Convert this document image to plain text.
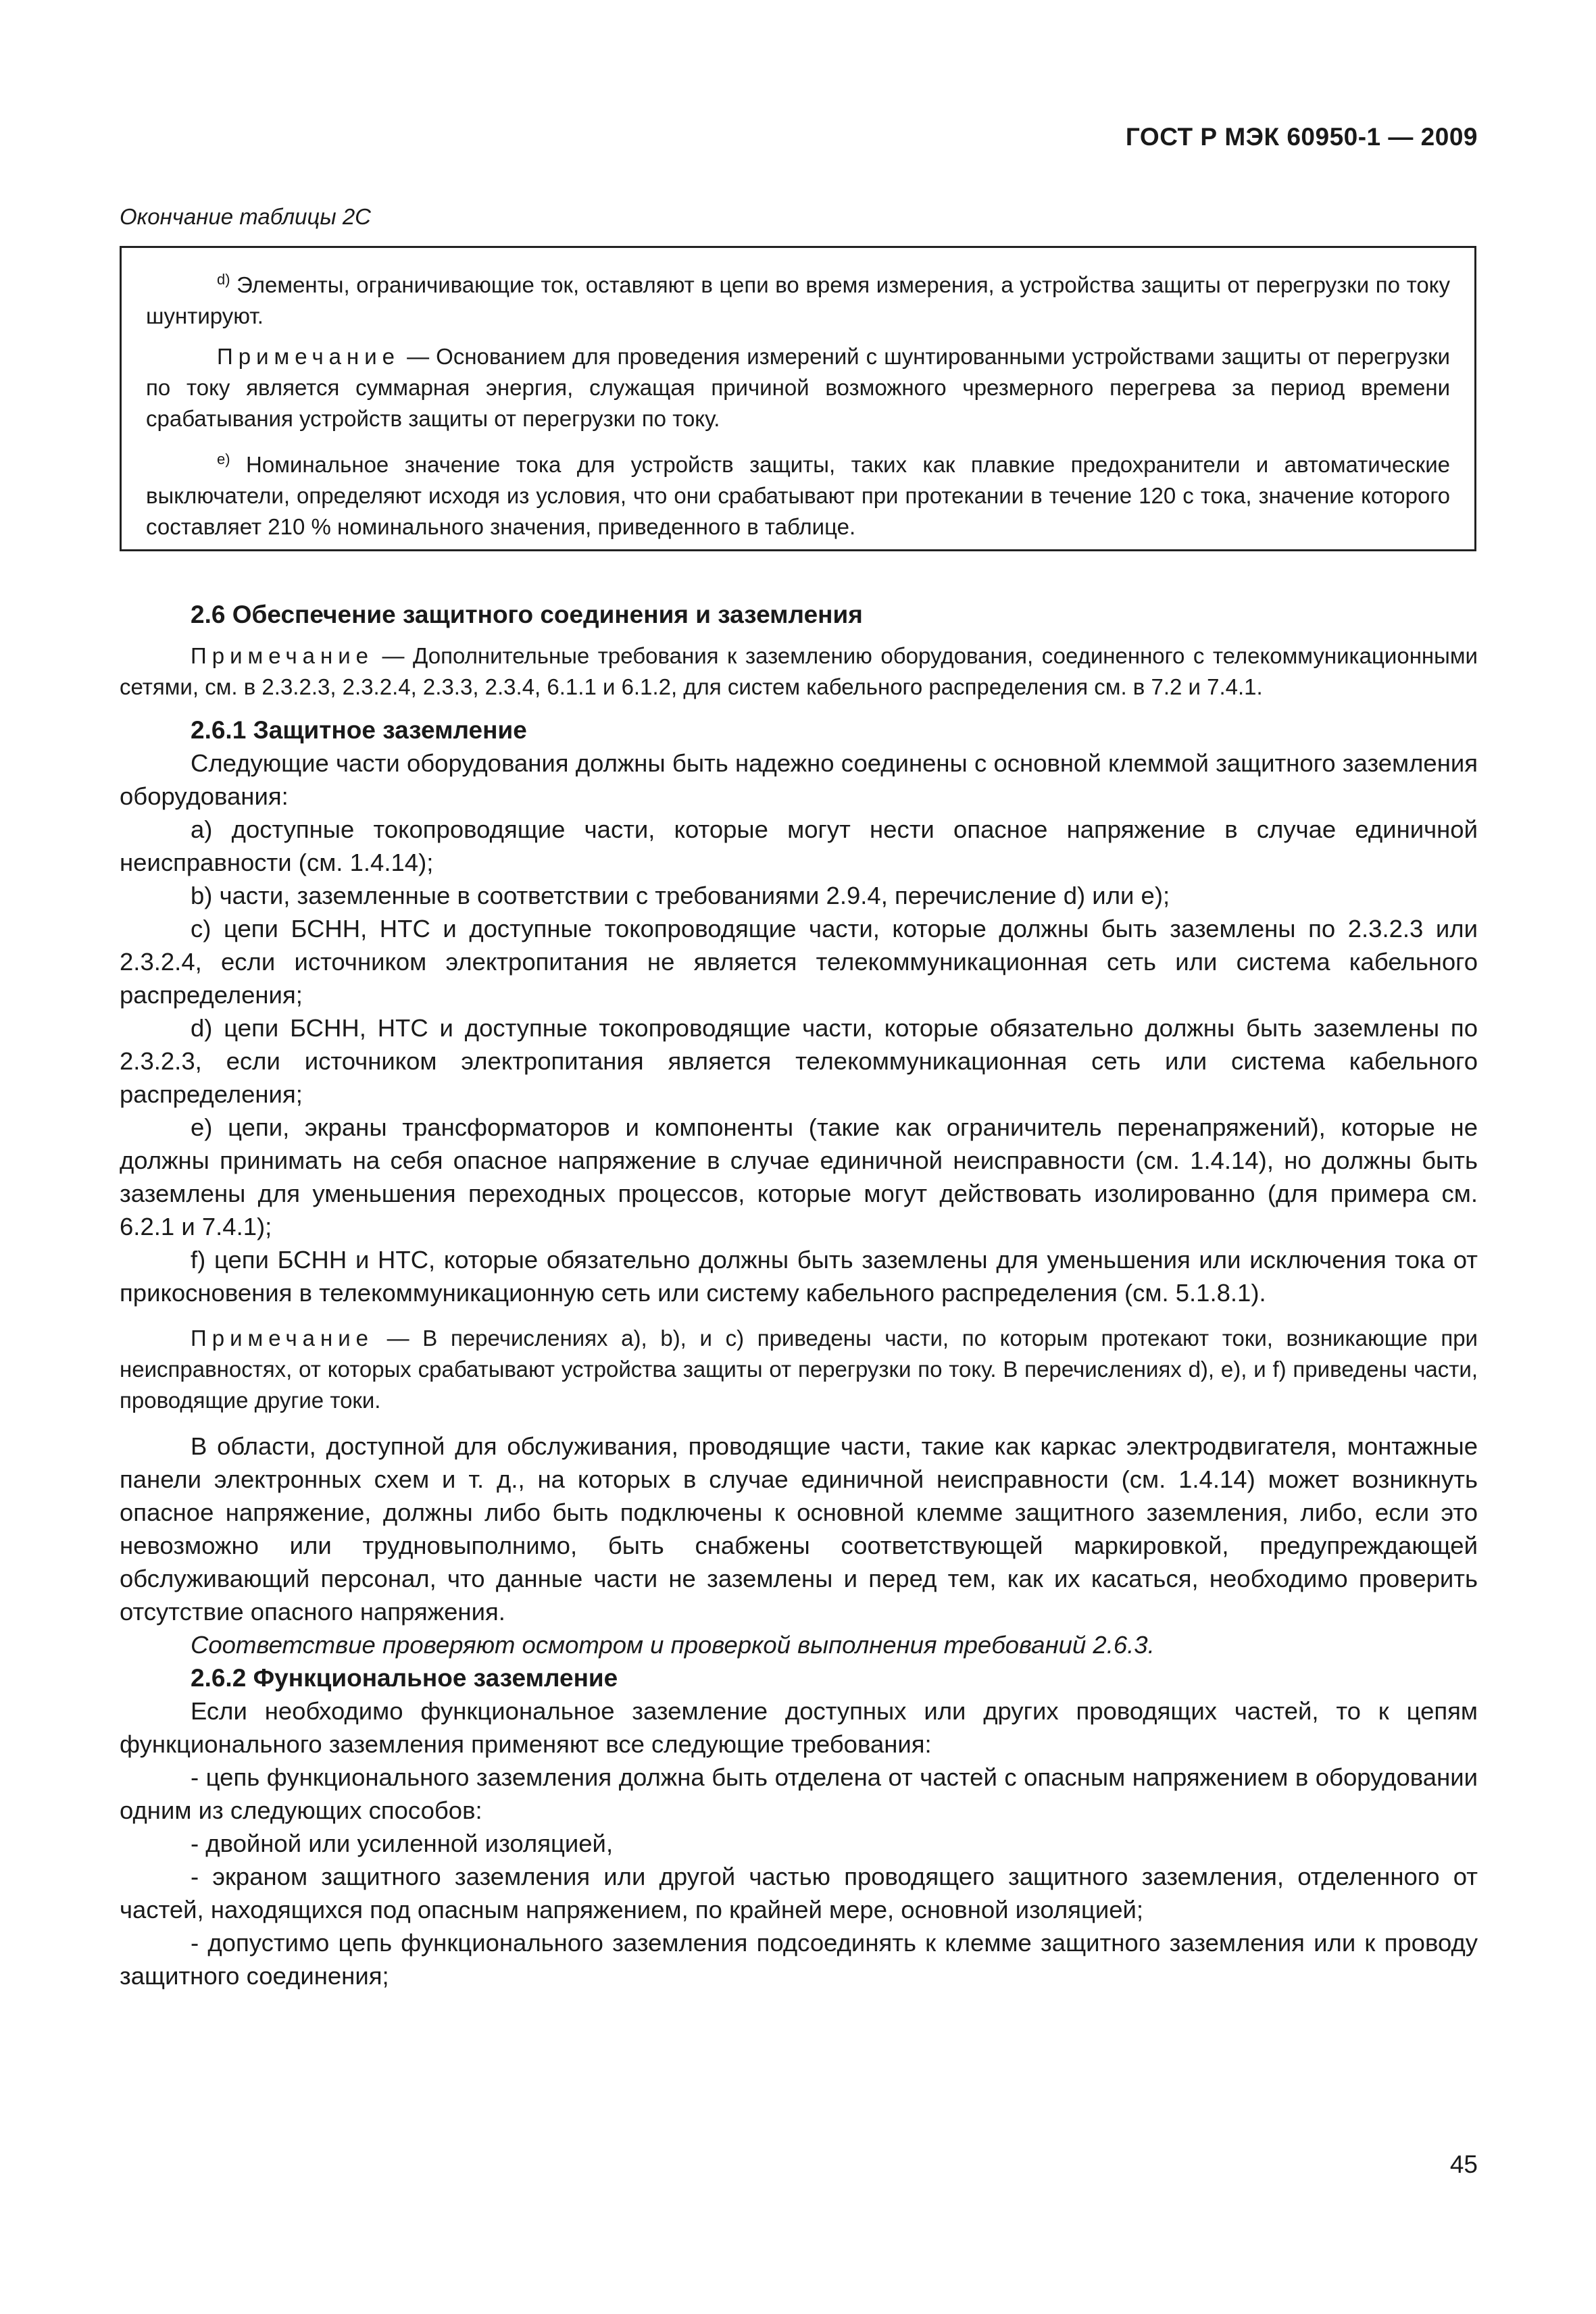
ГОСТ Р МЭК 60950-1 — 2009
Окончание таблицы 2С

$^{d)}$ Элементы, ограничивающие ток, оставляют в цепи во время измерения, а устройства защиты от перегрузки по току шунтируют.

Примечание — Основанием для проведения измерений с шунтированными устройствами защиты от перегрузки по току является суммарная энергия, служащая причиной возможного чрезмерного перегрева за период времени срабатывания устройств защиты от перегрузки по току.

$^{e)}$ Номинальное значение тока для устройств защиты, таких как плавкие предохранители и автоматические выключатели, определяют исходя из условия, что они срабатывают при протекании в течение 120 с тока, значение которого составляет 210 % номинального значения, приведенного в таблице.

2.6 Обеспечение защитного соединения и заземления

Примечание — Дополнительные требования к заземлению оборудования, соединенного с телекоммуникационными сетями, см. в 2.3.2.3, 2.3.2.4, 2.3.3, 2.3.4, 6.1.1 и 6.1.2, для систем кабельного распределения см. в 7.2 и 7.4.1.

2.6.1 Защитное заземление

Следующие части оборудования должны быть надежно соединены с основной клеммой защитного заземления оборудования:

а) доступные токопроводящие части, которые могут нести опасное напряжение в случае единичной неисправности (см. 1.4.14);

b) части, заземленные в соответствии с требованиями 2.9.4, перечисление d) или е);

c) цепи БСНН, НТС и доступные токопроводящие части, которые должны быть заземлены по 2.3.2.3 или 2.3.2.4, если источником электропитания не является телекоммуникационная сеть или система кабельного распределения;

d) цепи БСНН, НТС и доступные токопроводящие части, которые обязательно должны быть заземлены по 2.3.2.3, если источником электропитания является телекоммуникационная сеть или система кабельного распределения;

e) цепи, экраны трансформаторов и компоненты (такие как ограничитель перенапряжений), которые не должны принимать на себя опасное напряжение в случае единичной неисправности (см. 1.4.14), но должны быть заземлены для уменьшения переходных процессов, которые могут действовать изолированно (для примера см. 6.2.1 и 7.4.1);

f) цепи БСНН и НТС, которые обязательно должны быть заземлены для уменьшения или исключения тока от прикосновения в телекоммуникационную сеть или систему кабельного распределения (см. 5.1.8.1).

Примечание — В перечислениях а), b), и с) приведены части, по которым протекают токи, возникающие при неисправностях, от которых срабатывают устройства защиты от перегрузки по току. В перечислениях d), е), и f) приведены части, проводящие другие токи.

В области, доступной для обслуживания, проводящие части, такие как каркас электродвигателя, монтажные панели электронных схем и т. д., на которых в случае единичной неисправности (см. 1.4.14) может возникнуть опасное напряжение, должны либо быть подключены к основной клемме защитного заземления, либо, если это невозможно или трудновыполнимо, быть снабжены соответствующей маркировкой, предупреждающей обслуживающий персонал, что данные части не заземлены и перед тем, как их касаться, необходимо проверить отсутствие опасного напряжения.

Соответствие проверяют осмотром и проверкой выполнения требований 2.6.3.

2.6.2 Функциональное заземление

Если необходимо функциональное заземление доступных или других проводящих частей, то к цепям функционального заземления применяют все следующие требования:

- цепь функционального заземления должна быть отделена от частей с опасным напряжением в оборудовании одним из следующих способов:

- двойной или усиленной изоляцией,

- экраном защитного заземления или другой частью проводящего защитного заземления, отделенного от частей, находящихся под опасным напряжением, по крайней мере, основной изоляцией;

- допустимо цепь функционального заземления подсоединять к клемме защитного заземления или к проводу защитного соединения;

45
